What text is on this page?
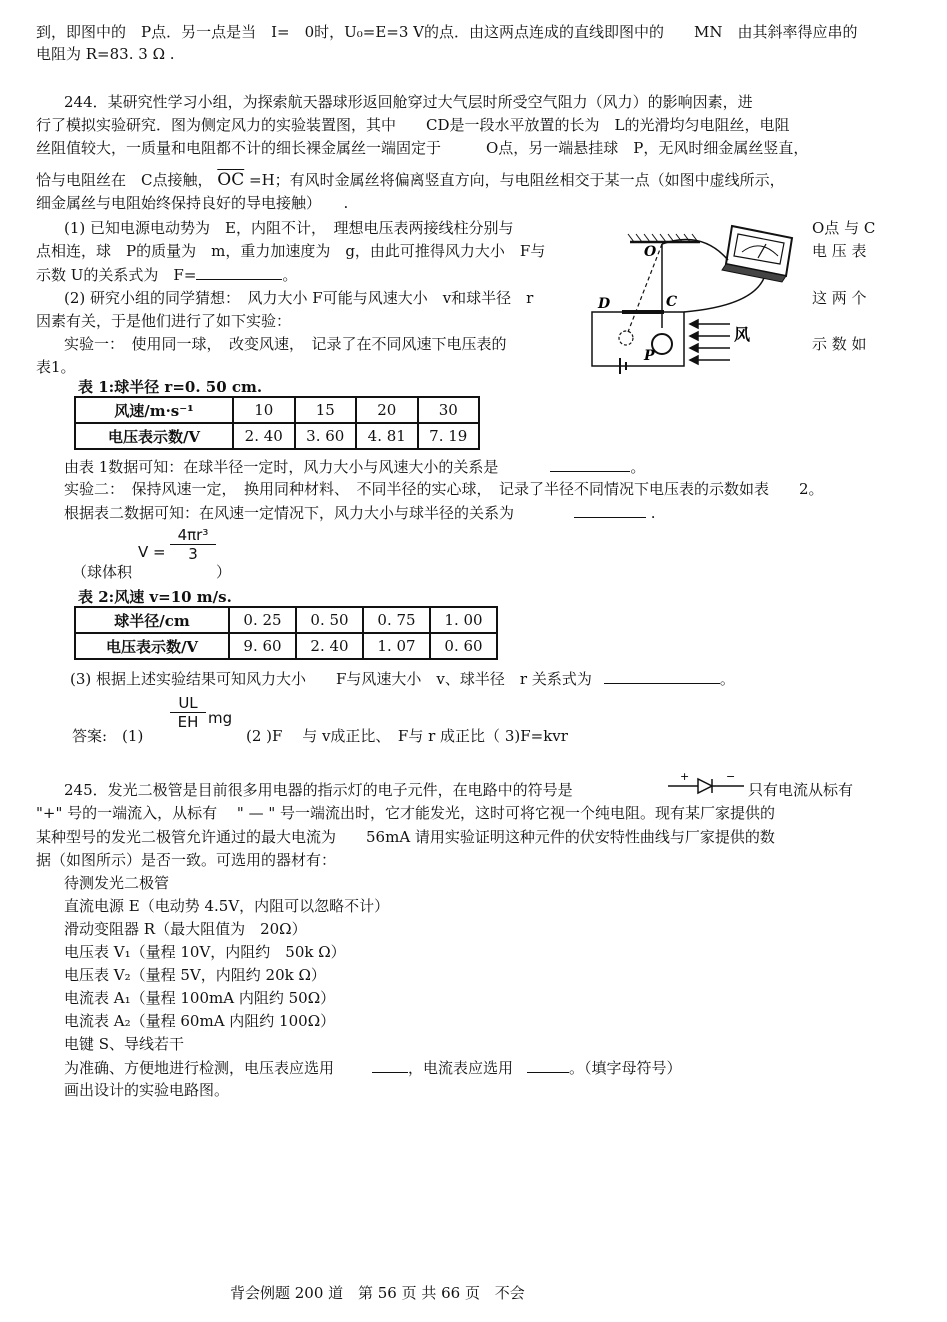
到，即图中的　P点．另一点是当　I=　0时，U₀=E=3 V的点．由这两点连成的直线即图中的　　MN　由其斜率得应串的
电阻为 R=83. 3 Ω .
244．某研究性学习小组，为探索航天器球形返回舱穿过大气层时所受空气阻力（风力）的影响因素，进
行了模拟实验研究．图为侧定风力的实验装置图，其中　　CD是一段水平放置的长为　L的光滑均匀电阻丝，电阻
丝阻值较大，一质量和电阻都不计的细长裸金属丝一端固定于　　　O点，另一端悬挂球　P，无风时细金属丝竖直，
恰与电阻丝在　C点接触， $\overline{OC} =H$；有风时金属丝将偏离竖直方向，与电阻丝相交于某一点（如图中虚线所示，
细金属丝与电阻始终保持良好的导电接触）　　.
(1) 已知电源电动势为　E，内阻不计，　理想电压表两接线柱分别与	O点 与 C
点相连，球　P的质量为　m，重力加速度为　g，由此可推得风力大小　F与	电 压 表
示数 U的关系式为　F=	。
(2) 研究小组的同学猜想：　风力大小 F可能与风速大小　v和球半径　r	这 两 个
因素有关，于是他们进行了如下实验：
实验一：　使用同一球，　改变风速，　记录了在不同风速下电压表的	示 数 如
表1。
O
P
D	C
风
表 1:球半径 r=0. 50 cm.
风速/m·s⁻¹	10	15	20	30
电压表示数/V	2. 40	3. 60	4. 81	7. 19
由表 1数据可知：在球半径一定时，风力大小与风速大小的关系是	。
实验二：　保持风速一定，　换用同种材料、　不同半径的实心球，　记录了半径不同情况下电压表的示数如表　　2。
根据表二数据可知：在风速一定情况下，风力大小与球半径的关系为	.
（球体积
$V = \frac{\text{4πr³}}{3}$
）
表 2:风速 v=10 m/s.
球半径/cm	0. 25	0. 50	0. 75	1. 00
电压表示数/V	9. 60	2. 40	1. 07	0. 60
(3) 根据上述实验结果可知风力大小　　F与风速大小　v、球半径　r 关系式为	。
答案:　(1)
$\frac{UL}{EH}$ mg
(2 )F　 与 v成正比、　F与 r 成正比（ 3)F=kvr
245．发光二极管是目前很多用电器的指示灯的电子元件，在电路中的符号是
+	−
只有电流从标有
"+" 号的一端流入，从标有　 " — " 号一端流出时，它才能发光，这时可将它视一个纯电阻。现有某厂家提供的
某种型号的发光二极管允许通过的最大电流为　　56mA 请用实验证明这种元件的伏安特性曲线与厂家提供的数
据（如图所示）是否一致。可选用的器材有：
待测发光二极管
直流电源 E（电动势 4.5V，内阻可以忽略不计）
滑动变阻器 R（最大阻值为　20Ω）
电压表 V₁（量程 10V，内阻约　50k Ω）
电压表 V₂（量程 5V，内阻约 20k Ω）
电流表 A₁（量程 100mA 内阻约 50Ω）
电流表 A₂（量程 60mA 内阻约 100Ω）
电键 S、导线若干
为准确、方便地进行检测，电压表应选用	，电流表应选用	。（填字母符号）
画出设计的实验电路图。
背会例题 200 道 第 56 页 共 66 页 不会
